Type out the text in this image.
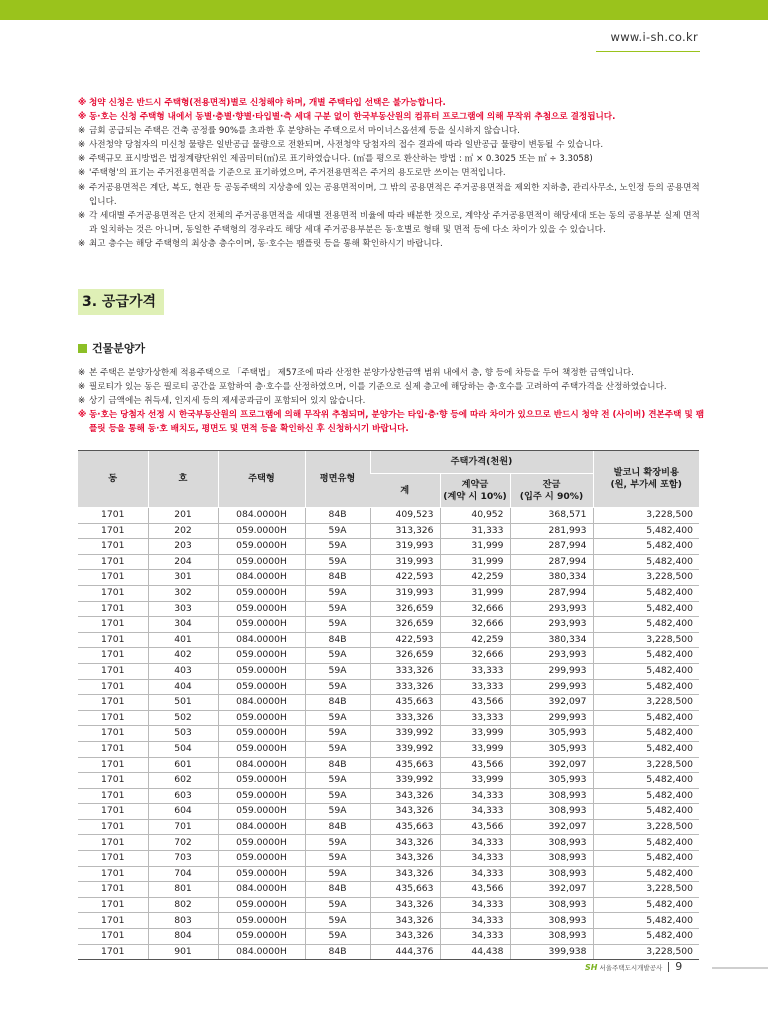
www.i-sh.co.kr
※ 청약 신청은 반드시 주택형(전용면적)별로 신청해야 하며, 개별 주택타입 선택은 불가능합니다.
※ 동·호는 신청 주택형 내에서 동별·층별·향별·타입별·측 세대 구분 없이 한국부동산원의 컴퓨터 프로그램에 의해 무작위 추첨으로 결정됩니다.
※ 금회 공급되는 주택은 건축 공정률 90%를 초과한 후 분양하는 주택으로서 마이너스옵션제 등을 실시하지 않습니다.
※ 사전청약 당첨자의 미신청 물량은 일반공급 물량으로 전환되며, 사전청약 당첨자의 접수 결과에 따라 일반공급 물량이 변동될 수 있습니다.
※ 주택규모 표시방법은 법정계량단위인 제곱미터(㎡)로 표기하였습니다. (㎡를 평으로 환산하는 방법 : ㎡ × 0.3025 또는 ㎡ ÷ 3.3058)
※ '주택형'의 표기는 주거전용면적을 기준으로 표기하였으며, 주거전용면적은 주거의 용도로만 쓰이는 면적입니다.
※ 주거공용면적은 계단, 복도, 현관 등 공동주택의 지상층에 있는 공용면적이며, 그 밖의 공용면적은 주거공용면적을 제외한 지하층, 관리사무소, 노인정 등의 공용면적입니다.
※ 각 세대별 주거공용면적은 단지 전체의 주거공용면적을 세대별 전용면적 비율에 따라 배분한 것으로, 계약상 주거공용면적이 해당세대 또는 동의 공용부분 실제 면적과 일치하는 것은 아니며, 동일한 주택형의 경우라도 해당 세대 주거공용부분은 동·호별로 형태 및 면적 등에 다소 차이가 있을 수 있습니다.
※ 최고 층수는 해당 주택형의 최상층 층수이며, 동·호수는 팸플릿 등을 통해 확인하시기 바랍니다.
3. 공급가격
건물분양가
※ 본 주택은 분양가상한제 적용주택으로 「주택법」 제57조에 따라 산정한 분양가상한금액 범위 내에서 층, 향 등에 차등을 두어 책정한 금액입니다.
※ 필로티가 있는 동은 필로티 공간을 포함하여 층·호수를 산정하였으며, 이를 기준으로 실제 층고에 해당하는 층·호수를 고려하여 주택가격을 산정하였습니다.
※ 상기 금액에는 취득세, 인지세 등의 제세공과금이 포함되어 있지 않습니다.
※ 동·호는 당첨자 선정 시 한국부동산원의 프로그램에 의해 무작위 추첨되며, 분양가는 타입·층·향 등에 따라 차이가 있으므로 반드시 청약 전 (사이버) 견본주택 및 팸플릿 등을 통해 동·호 배치도, 평면도 및 면적 등을 확인하신 후 신청하시기 바랍니다.
동	호	주택형	평면유형	주택가격(천원)			발코니 확장비용
(원, 부가세 포함)
				계	계약금
(계약 시 10%)	잔금
(입주 시 90%)	
1701	201	084.0000H	84B	409,523	40,952	368,571	3,228,500
1701	202	059.0000H	59A	313,326	31,333	281,993	5,482,400
1701	203	059.0000H	59A	319,993	31,999	287,994	5,482,400
1701	204	059.0000H	59A	319,993	31,999	287,994	5,482,400
1701	301	084.0000H	84B	422,593	42,259	380,334	3,228,500
1701	302	059.0000H	59A	319,993	31,999	287,994	5,482,400
1701	303	059.0000H	59A	326,659	32,666	293,993	5,482,400
1701	304	059.0000H	59A	326,659	32,666	293,993	5,482,400
1701	401	084.0000H	84B	422,593	42,259	380,334	3,228,500
1701	402	059.0000H	59A	326,659	32,666	293,993	5,482,400
1701	403	059.0000H	59A	333,326	33,333	299,993	5,482,400
1701	404	059.0000H	59A	333,326	33,333	299,993	5,482,400
1701	501	084.0000H	84B	435,663	43,566	392,097	3,228,500
1701	502	059.0000H	59A	333,326	33,333	299,993	5,482,400
1701	503	059.0000H	59A	339,992	33,999	305,993	5,482,400
1701	504	059.0000H	59A	339,992	33,999	305,993	5,482,400
1701	601	084.0000H	84B	435,663	43,566	392,097	3,228,500
1701	602	059.0000H	59A	339,992	33,999	305,993	5,482,400
1701	603	059.0000H	59A	343,326	34,333	308,993	5,482,400
1701	604	059.0000H	59A	343,326	34,333	308,993	5,482,400
1701	701	084.0000H	84B	435,663	43,566	392,097	3,228,500
1701	702	059.0000H	59A	343,326	34,333	308,993	5,482,400
1701	703	059.0000H	59A	343,326	34,333	308,993	5,482,400
1701	704	059.0000H	59A	343,326	34,333	308,993	5,482,400
1701	801	084.0000H	84B	435,663	43,566	392,097	3,228,500
1701	802	059.0000H	59A	343,326	34,333	308,993	5,482,400
1701	803	059.0000H	59A	343,326	34,333	308,993	5,482,400
1701	804	059.0000H	59A	343,326	34,333	308,993	5,482,400
1701	901	084.0000H	84B	444,376	44,438	399,938	3,228,500
SH 서울주택도시개발공사 9
